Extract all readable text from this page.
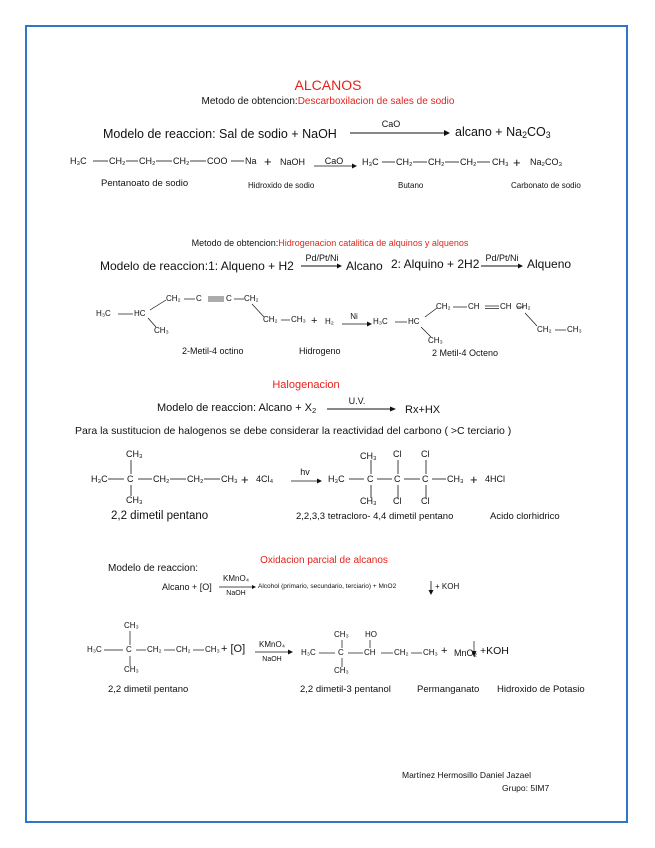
ALCANOS
Metodo de obtencion:Descarboxilacion de sales de sodio
Modelo de reaccion: Sal de sodio + NaOH
CaO
alcano + $Na_2CO_3$
H₃C CH₂ CH₂ CH₂ COO Na + NaOH CaO H₃C CH₂ CH₂ CH₂ CH₃ + Na₂CO₃
Pentanoato de sodio	Hidroxido de sodio	Butano	Carbonato de sodio
Metodo de obtencion:Hidrogenacion catalitica de alquinos y alquenos
Modelo de reaccion:1: Alqueno + H2
Pd/Pt/Ni
Alcano 2: Alquino + 2H2 Pd/Pt/Ni Alqueno
H₃C	HC
CH₃
CH₂ C	C CH₂
CH₂ CH₃ + H₂
Ni
H₃C	HC
CH₃
CH₂ CH	CH CH₂
CH₂ CH₃
2-Metil-4 octino	Hidrogeno	2 Metil-4 Octeno
Halogenacion
Modelo de reaccion: Alcano + $X_2$
U.V.
Rx+HX
Para la sustitucion de halogenos se debe considerar la reactividad del carbono ( >C terciario )
H₃C
CH₃
C
CH₃
CH₂ CH₂ CH₃ + 4Cl₄
hv
H₃C
CH₃
C
CH₃
Cl
C
Cl
Cl
C
Cl
CH₃ + 4HCl
2,2 dimetil pentano	2,2,3,3 tetracloro- 4,4 dimetil pentano	Acido clorhidrico
Oxidacion parcial de alcanos
Modelo de reaccion:
Alcano + [O]
KMnO₄
NaOH
Alcohol (primario, secundario, terciario) + MnO2	+ KOH
H₃C
CH₃
C
CH₃
CH₂ CH₂ CH₃ + [O] KMnO₄
NaOH
H₃C
CH₃
C
CH₃
HO
CH CH₂ CH₃ + MnO₂ +KOH
2,2 dimetil pentano	2,2 dimetil-3 pentanol	Permanganato Hidroxido de Potasio
Martínez Hermosillo Daniel Jazael
Grupo: 5IM7
